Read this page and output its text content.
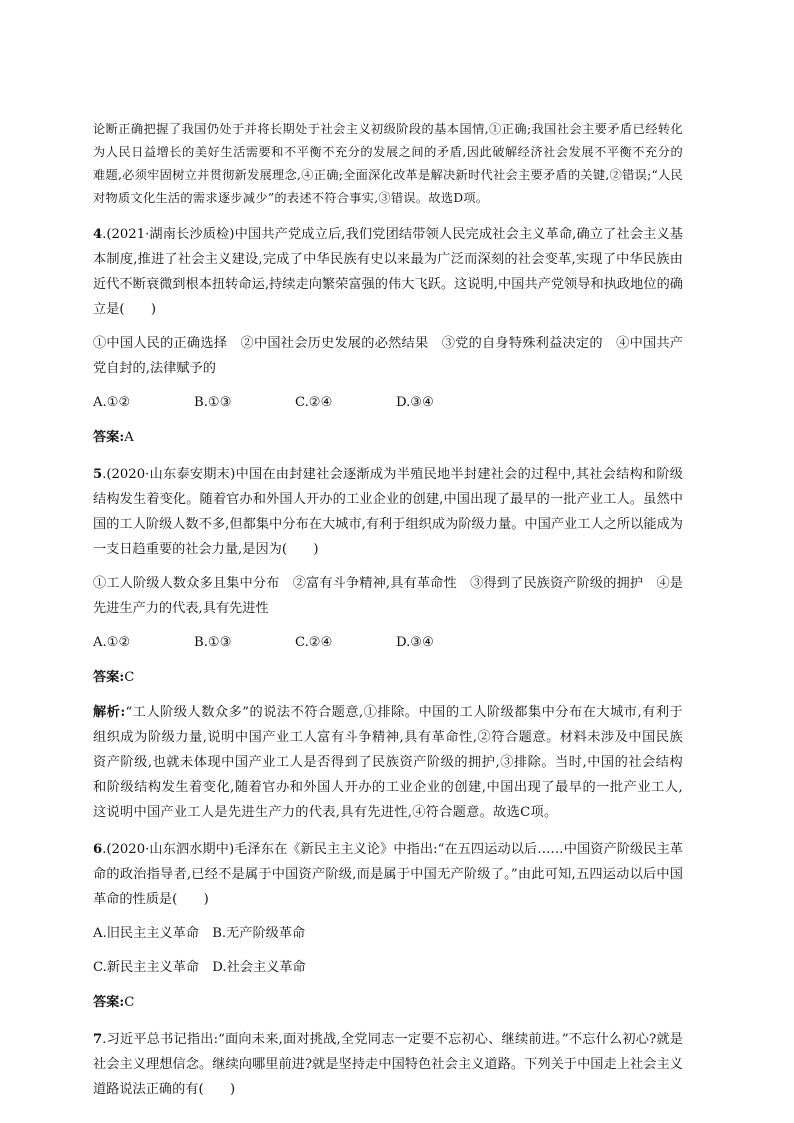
论断正确把握了我国仍处于并将长期处于社会主义初级阶段的基本国情,①正确;我国社会主要矛盾已经转化为人民日益增长的美好生活需要和不平衡不充分的发展之间的矛盾,因此破解经济社会发展不平衡不充分的难题,必须牢固树立并贯彻新发展理念,④正确;全面深化改革是解决新时代社会主要矛盾的关键,②错误;“人民对物质文化生活的需求逐步减少”的表述不符合事实,③错误。故选D项。

4.(2021·湖南长沙质检)中国共产党成立后,我们党团结带领人民完成社会主义革命,确立了社会主义基本制度,推进了社会主义建设,完成了中华民族有史以来最为广泛而深刻的社会变革,实现了中华民族由近代不断衰微到根本扭转命运,持续走向繁荣富强的伟大飞跃。这说明,中国共产党领导和执政地位的确立是(　　)

①中国人民的正确选择　②中国社会历史发展的必然结果　③党的自身特殊利益决定的　④中国共产党自封的,法律赋予的

A.①②	B.①③	C.②④	D.③④

答案:A

5.(2020·山东泰安期末)中国在由封建社会逐渐成为半殖民地半封建社会的过程中,其社会结构和阶级结构发生着变化。随着官办和外国人开办的工业企业的创建,中国出现了最早的一批产业工人。虽然中国的工人阶级人数不多,但都集中分布在大城市,有利于组织成为阶级力量。中国产业工人之所以能成为一支日趋重要的社会力量,是因为(　　)

①工人阶级人数众多且集中分布　②富有斗争精神,具有革命性　③得到了民族资产阶级的拥护　④是先进生产力的代表,具有先进性

A.①②	B.①③	C.②④	D.③④

答案:C

解析:“工人阶级人数众多”的说法不符合题意,①排除。中国的工人阶级都集中分布在大城市,有利于组织成为阶级力量,说明中国产业工人富有斗争精神,具有革命性,②符合题意。材料未涉及中国民族资产阶级,也就未体现中国产业工人是否得到了民族资产阶级的拥护,③排除。当时,中国的社会结构和阶级结构发生着变化,随着官办和外国人开办的工业企业的创建,中国出现了最早的一批产业工人,这说明中国产业工人是先进生产力的代表,具有先进性,④符合题意。故选C项。

6.(2020·山东泗水期中)毛泽东在《新民主主义论》中指出:“在五四运动以后……中国资产阶级民主革命的政治指导者,已经不是属于中国资产阶级,而是属于中国无产阶级了。”由此可知,五四运动以后中国革命的性质是(　　)

A.旧民主主义革命　B.无产阶级革命

C.新民主主义革命　D.社会主义革命

答案:C

7.习近平总书记指出:“面向未来,面对挑战,全党同志一定要不忘初心、继续前进。”不忘什么初心?就是社会主义理想信念。继续向哪里前进?就是坚持走中国特色社会主义道路。下列关于中国走上社会主义道路说法正确的有(　　)
